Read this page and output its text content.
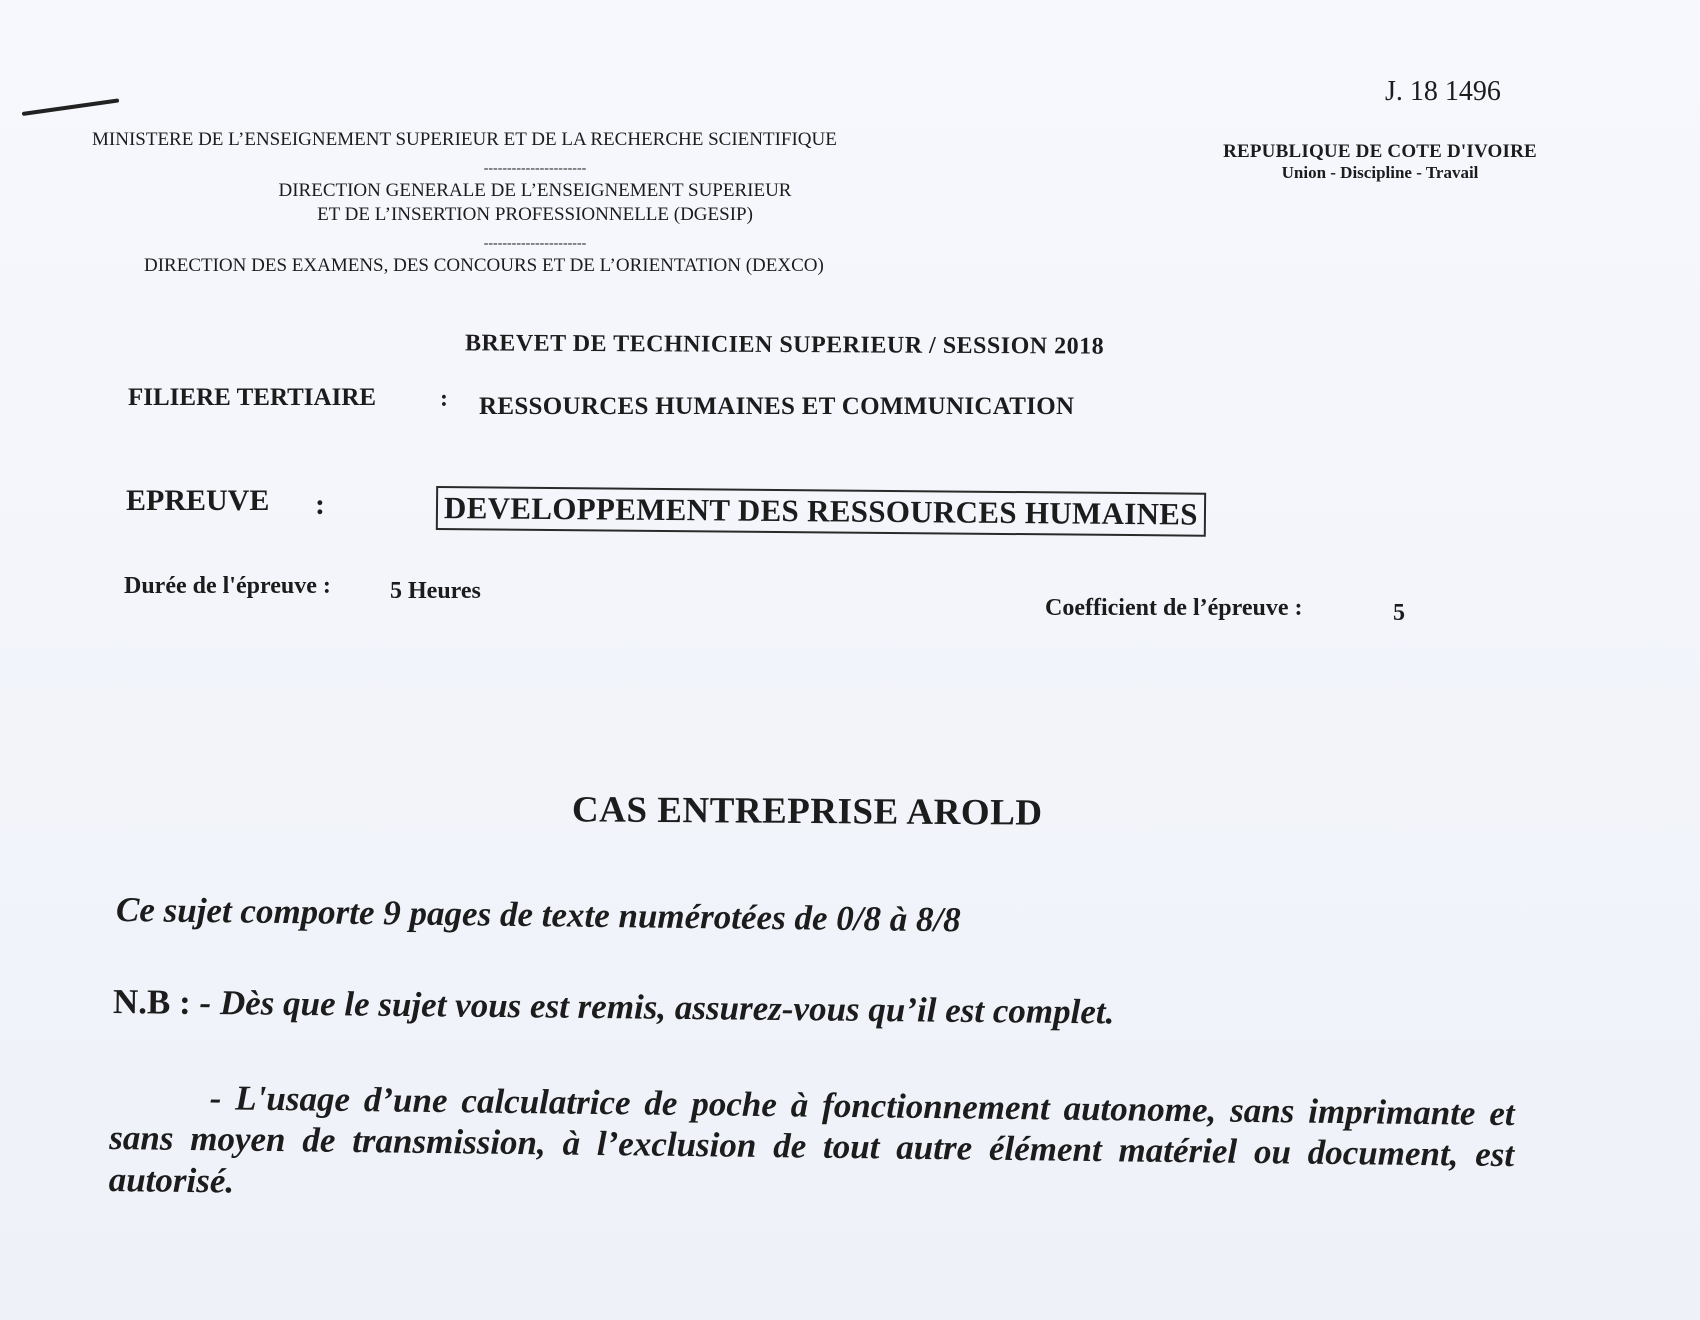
J. 18 1496
REPUBLIQUE DE COTE D'IVOIRE
Union - Discipline - Travail
MINISTERE DE L’ENSEIGNEMENT SUPERIEUR ET DE LA RECHERCHE SCIENTIFIQUE
----------------------
DIRECTION GENERALE DE L’ENSEIGNEMENT SUPERIEUR
ET DE L’INSERTION PROFESSIONNELLE (DGESIP)
----------------------
DIRECTION DES EXAMENS, DES CONCOURS ET DE L’ORIENTATION (DEXCO)
BREVET DE TECHNICIEN SUPERIEUR / SESSION 2018
FILIERE TERTIAIRE	: RESSOURCES HUMAINES ET COMMUNICATION
EPREUVE :	DEVELOPPEMENT DES RESSOURCES HUMAINES
Durée de l'épreuve : 5 Heures
Coefficient de l’épreuve :	5
CAS ENTREPRISE AROLD
Ce sujet comporte 9 pages de texte numérotées de 0/8 à 8/8
N.B : - Dès que le sujet vous est remis, assurez-vous qu’il est complet.
- L'usage d’une calculatrice de poche à fonctionnement autonome, sans imprimante et sans moyen de transmission, à l’exclusion de tout autre élément matériel ou document, est autorisé.
